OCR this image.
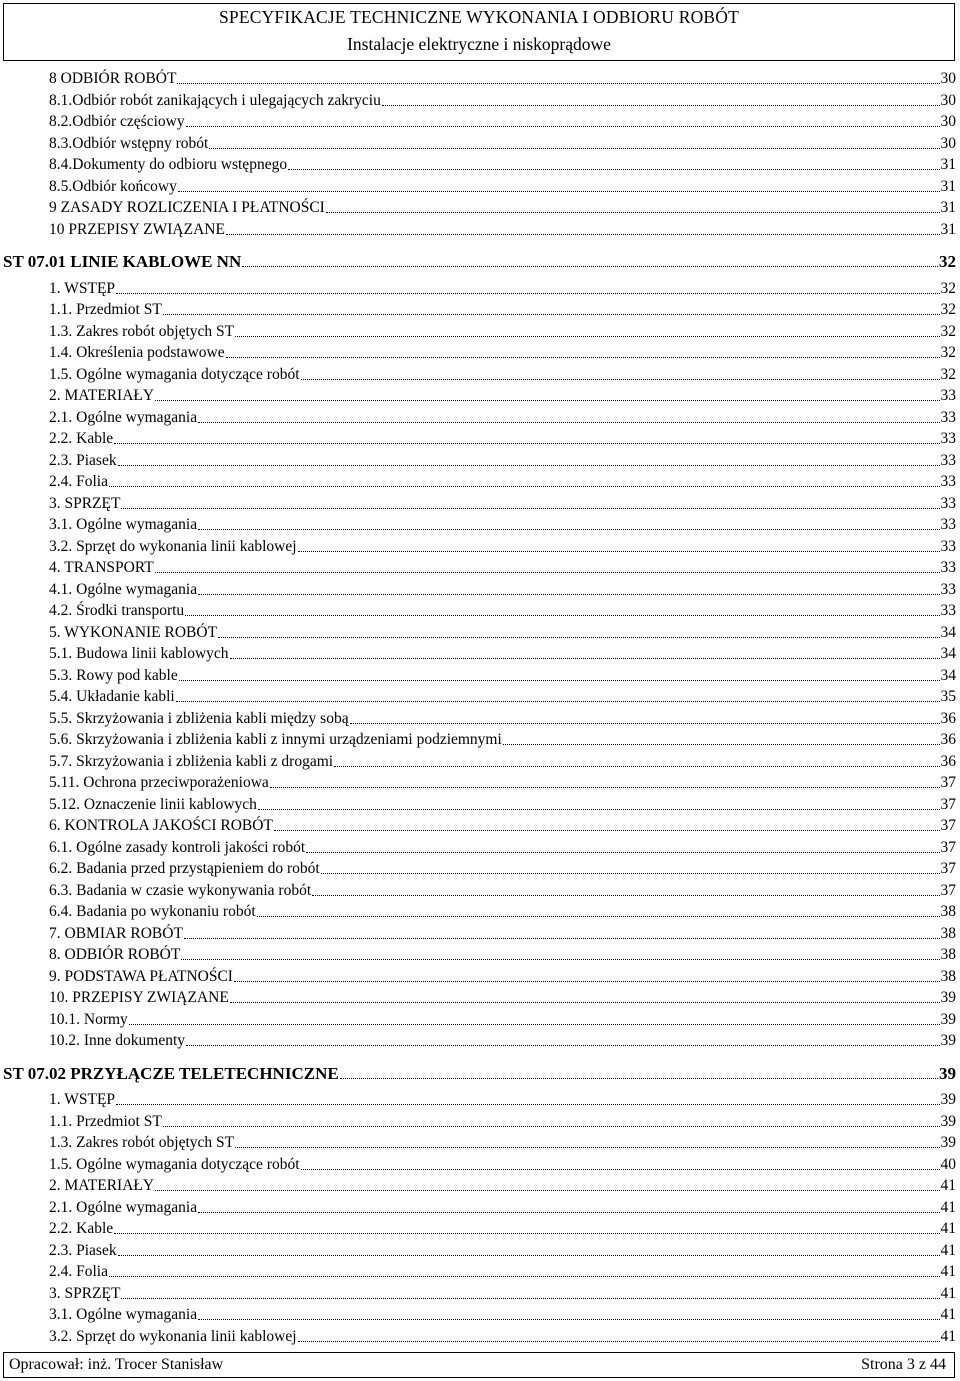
SPECYFIKACJE TECHNICZNE WYKONANIA I ODBIORU ROBÓT
Instalacje elektryczne i niskoprądowe
8 ODBIÓR ROBÓT	30
8.1.Odbiór robót zanikających i ulegających zakryciu	30
8.2.Odbiór częściowy	30
8.3.Odbiór wstępny robót	30
8.4.Dokumenty do odbioru wstępnego	31
8.5.Odbiór końcowy	31
9 ZASADY ROZLICZENIA I PŁATNOŚCI	31
10 PRZEPISY ZWIĄZANE	31
ST 07.01 LINIE KABLOWE NN	32
1. WSTĘP	32
1.1. Przedmiot ST	32
1.3. Zakres robót objętych ST	32
1.4. Określenia podstawowe	32
1.5. Ogólne wymagania dotyczące robót	32
2. MATERIAŁY	33
2.1. Ogólne wymagania	33
2.2. Kable	33
2.3. Piasek	33
2.4. Folia	33
3. SPRZĘT	33
3.1. Ogólne wymagania	33
3.2. Sprzęt do wykonania linii kablowej	33
4. TRANSPORT	33
4.1. Ogólne wymagania	33
4.2. Środki transportu	33
5. WYKONANIE ROBÓT	34
5.1. Budowa linii kablowych	34
5.3. Rowy pod kable	34
5.4. Układanie kabli	35
5.5. Skrzyżowania i zbliżenia kabli między sobą	36
5.6. Skrzyżowania i zbliżenia kabli z innymi urządzeniami podziemnymi	36
5.7. Skrzyżowania i zbliżenia kabli z drogami	36
5.11. Ochrona przeciwporażeniowa	37
5.12. Oznaczenie linii kablowych	37
6. KONTROLA JAKOŚCI ROBÓT	37
6.1. Ogólne zasady kontroli jakości robót	37
6.2. Badania przed przystąpieniem do robót	37
6.3. Badania w czasie wykonywania robót	37
6.4. Badania po wykonaniu robót	38
7. OBMIAR ROBÓT	38
8. ODBIÓR ROBÓT	38
9. PODSTAWA PŁATNOŚCI	38
10. PRZEPISY ZWIĄZANE	39
10.1. Normy	39
10.2. Inne dokumenty	39
ST 07.02 PRZYŁĄCZE TELETECHNICZNE	39
1. WSTĘP	39
1.1. Przedmiot ST	39
1.3. Zakres robót objętych ST	39
1.5. Ogólne wymagania dotyczące robót	40
2. MATERIAŁY	41
2.1. Ogólne wymagania	41
2.2. Kable	41
2.3. Piasek	41
2.4. Folia	41
3. SPRZĘT	41
3.1. Ogólne wymagania	41
3.2. Sprzęt do wykonania linii kablowej	41
Opracował: inż. Trocer Stanisław	Strona 3 z 44
